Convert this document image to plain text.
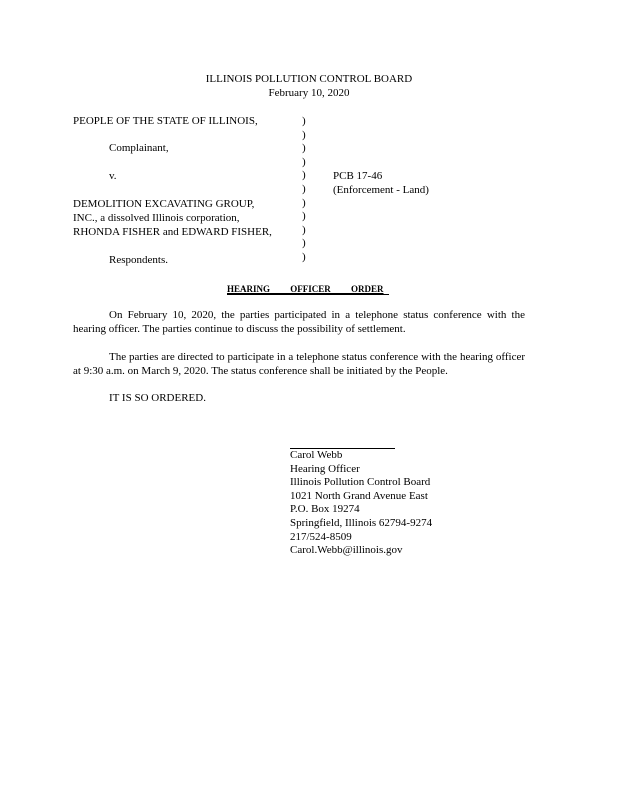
ILLINOIS POLLUTION CONTROL BOARD
February 10, 2020
PEOPLE OF THE STATE OF ILLINOIS,
Complainant,
v.
DEMOLITION EXCAVATING GROUP,
INC., a dissolved Illinois corporation,
RHONDA FISHER and EDWARD FISHER,
Respondents.
)
)
)
)
)
)
)
)
)
)
)
PCB 17-46
(Enforcement - Land)
HEARING OFFICER ORDER

On February 10, 2020, the parties participated in a telephone status conference with the hearing officer. The parties continue to discuss the possibility of settlement.

The parties are directed to participate in a telephone status conference with the hearing officer at 9:30 a.m. on March 9, 2020. The status conference shall be initiated by the People.

IT IS SO ORDERED.
Carol Webb
Hearing Officer
Illinois Pollution Control Board
1021 North Grand Avenue East
P.O. Box 19274
Springfield, Illinois 62794-9274
217/524-8509
Carol.Webb@illinois.gov
